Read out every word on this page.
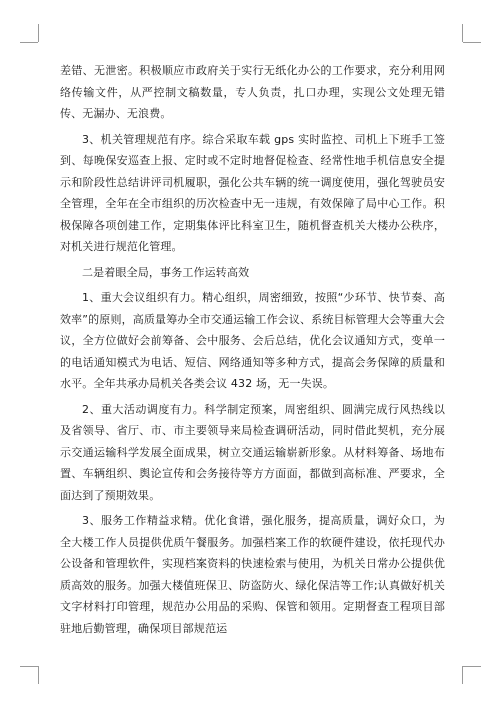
差错、无泄密。积极顺应市政府关于实行无纸化办公的工作要求，充分利用网络传输文件，从严控制文稿数量，专人负责，扎口办理，实现公文处理无错传、无漏办、无浪费。

3、机关管理规范有序。综合采取车载 gps 实时监控、司机上下班手工签到、每晚保安巡查上报、定时或不定时地督促检查、经常性地手机信息安全提示和阶段性总结讲评司机履职，强化公共车辆的统一调度使用，强化驾驶员安全管理，全年在全市组织的历次检查中无一违规，有效保障了局中心工作。积极保障各项创建工作，定期集体评比科室卫生，随机督查机关大楼办公秩序，对机关进行规范化管理。

二是着眼全局，事务工作运转高效

1、重大会议组织有力。精心组织，周密细致，按照“少环节、快节奏、高效率”的原则，高质量筹办全市交通运输工作会议、系统目标管理大会等重大会议，全方位做好会前筹备、会中服务、会后总结，优化会议通知方式，变单一的电话通知模式为电话、短信、网络通知等多种方式，提高会务保障的质量和水平。全年共承办局机关各类会议 432 场，无一失误。

2、重大活动调度有力。科学制定预案，周密组织、圆满完成行风热线以及省领导、省厅、市、市主要领导来局检查调研活动，同时借此契机，充分展示交通运输科学发展全面成果，树立交通运输崭新形象。从材料筹备、场地布置、车辆组织、舆论宣传和会务接待等方方面面，都做到高标准、严要求，全面达到了预期效果。

3、服务工作精益求精。优化食谱，强化服务，提高质量，调好众口，为全大楼工作人员提供优质午餐服务。加强档案工作的软硬件建设，依托现代办公设备和管理软件，实现档案资料的快速检索与使用，为机关日常办公提供优质高效的服务。加强大楼值班保卫、防盗防火、绿化保洁等工作;认真做好机关文字材料打印管理，规范办公用品的采购、保管和领用。定期督查工程项目部驻地后勤管理，确保项目部规范运
